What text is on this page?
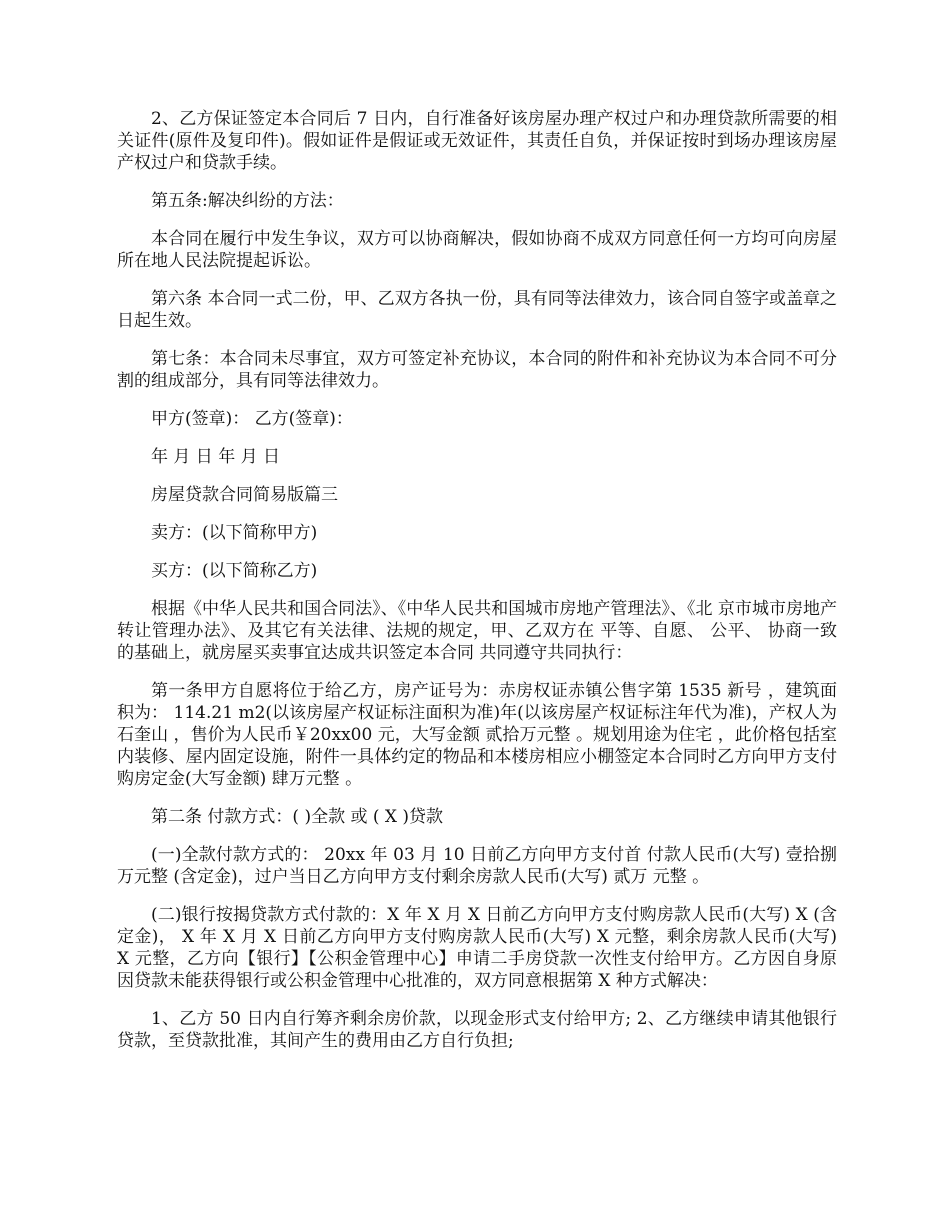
2、乙方保证签定本合同后 7 日内，自行准备好该房屋办理产权过户和办理贷款所需要的相关证件(原件及复印件)。假如证件是假证或无效证件，其责任自负，并保证按时到场办理该房屋产权过户和贷款手续。

第五条:解决纠纷的方法：

本合同在履行中发生争议，双方可以协商解决，假如协商不成双方同意任何一方均可向房屋所在地人民法院提起诉讼。

第六条 本合同一式二份，甲、乙双方各执一份，具有同等法律效力，该合同自签字或盖章之日起生效。

第七条：本合同未尽事宜，双方可签定补充协议，本合同的附件和补充协议为本合同不可分割的组成部分，具有同等法律效力。

甲方(签章)： 乙方(签章)：

年 月 日 年 月 日

房屋贷款合同简易版篇三

卖方：(以下简称甲方)

买方：(以下简称乙方)

根据《中华人民共和国合同法》、《中华人民共和国城市房地产管理法》、《北 京市城市房地产转让管理办法》、及其它有关法律、法规的规定，甲、乙双方在 平等、自愿、 公平、 协商一致的基础上，就房屋买卖事宜达成共识签定本合同 共同遵守共同执行：

第一条甲方自愿将位于给乙方，房产证号为：赤房权证赤镇公售字第 1535 新号 ，建筑面积为： 114.21 m2(以该房屋产权证标注面积为准)年(以该房屋产权证标注年代为准)，产权人为 石奎山 ，售价为人民币￥20xx00 元，大写金额 贰拾万元整 。规划用途为住宅 ，此价格包括室内装修、屋内固定设施，附件一具体约定的物品和本楼房相应小棚签定本合同时乙方向甲方支付购房定金(大写金额) 肆万元整 。

第二条 付款方式：( )全款 或 ( X )贷款

(一)全款付款方式的： 20xx 年 03 月 10 日前乙方向甲方支付首 付款人民币(大写) 壹拾捌万元整 (含定金)，过户当日乙方向甲方支付剩余房款人民币(大写) 贰万 元整 。

(二)银行按揭贷款方式付款的：X 年 X 月 X 日前乙方向甲方支付购房款人民币(大写) X (含定金)， X 年 X 月 X 日前乙方向甲方支付购房款人民币(大写) X 元整，剩余房款人民币(大写) X 元整，乙方向【银行】【公积金管理中心】申请二手房贷款一次性支付给甲方。乙方因自身原因贷款未能获得银行或公积金管理中心批准的，双方同意根据第 X 种方式解决：

1、乙方 50 日内自行筹齐剩余房价款，以现金形式支付给甲方; 2、乙方继续申请其他银行贷款，至贷款批准，其间产生的费用由乙方自行负担;
